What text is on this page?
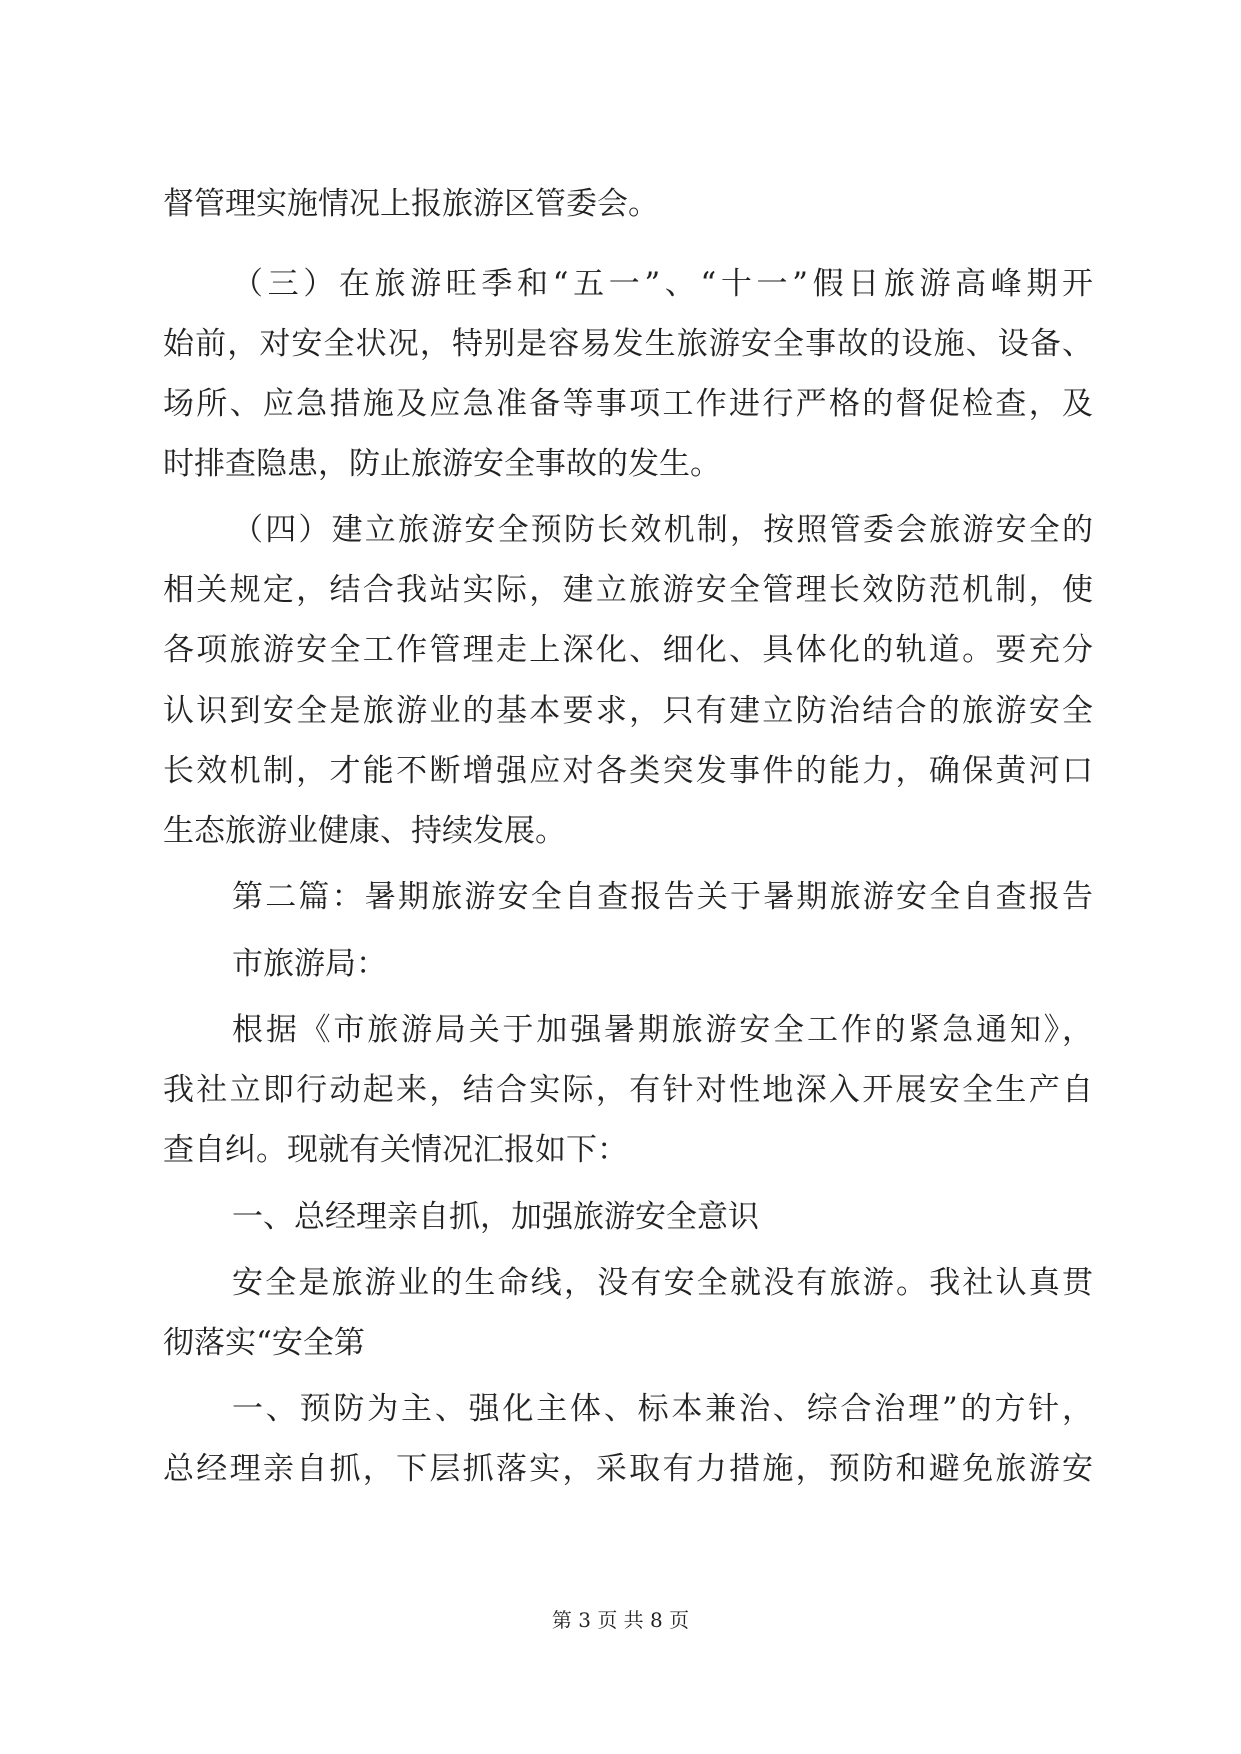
督管理实施情况上报旅游区管委会。
（三）在旅游旺季和“五一”、“十一”假日旅游高峰期开
始前，对安全状况，特别是容易发生旅游安全事故的设施、设备、
场所、应急措施及应急准备等事项工作进行严格的督促检查，及
时排查隐患，防止旅游安全事故的发生。
（四）建立旅游安全预防长效机制，按照管委会旅游安全的
相关规定，结合我站实际，建立旅游安全管理长效防范机制，使
各项旅游安全工作管理走上深化、细化、具体化的轨道。要充分
认识到安全是旅游业的基本要求，只有建立防治结合的旅游安全
长效机制，才能不断增强应对各类突发事件的能力，确保黄河口
生态旅游业健康、持续发展。
第二篇：暑期旅游安全自查报告关于暑期旅游安全自查报告
市旅游局：
根据《市旅游局关于加强暑期旅游安全工作的紧急通知》，
我社立即行动起来，结合实际，有针对性地深入开展安全生产自
查自纠。现就有关情况汇报如下：
一、总经理亲自抓，加强旅游安全意识
安全是旅游业的生命线，没有安全就没有旅游。我社认真贯
彻落实“安全第
一、预防为主、强化主体、标本兼治、综合治理”的方针，
总经理亲自抓，下层抓落实，采取有力措施，预防和避免旅游安
第 3 页 共 8 页
